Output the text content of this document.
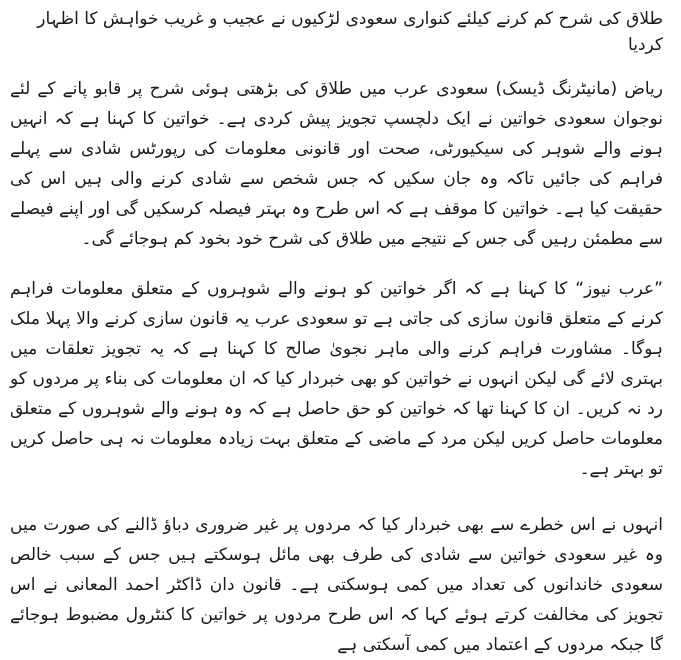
طلاق کی شرح کم کرنے کیلئے کنواری سعودی لڑکیوں نے عجیب و غریب خواہش کا اظہار کردیا

ریاض (مانیٹرنگ ڈیسک) سعودی عرب میں طلاق کی بڑھتی ہوئی شرح پر قابو پانے کے لئے نوجوان سعودی خواتین نے ایک دلچسپ تجویز پیش کردی ہے۔ خواتین کا کہنا ہے کہ انہیں ہونے والے شوہر کی سیکیورٹی، صحت اور قانونی معلومات کی رپورٹس شادی سے پہلے فراہم کی جائیں تاکہ وہ جان سکیں کہ جس شخص سے شادی کرنے والی ہیں اس کی حقیقت کیا ہے۔ خواتین کا موقف ہے کہ اس طرح وہ بہتر فیصلہ کرسکیں گی اور اپنے فیصلے سے مطمئن رہیں گی جس کے نتیجے میں طلاق کی شرح خود بخود کم ہوجائے گی۔

”عرب نیوز“ کا کہنا ہے کہ اگر خواتین کو ہونے والے شوہروں کے متعلق معلومات فراہم کرنے کے متعلق قانون سازی کی جاتی ہے تو سعودی عرب یہ قانون سازی کرنے والا پہلا ملک ہوگا۔ مشاورت فراہم کرنے والی ماہر نجویٰ صالح کا کہنا ہے کہ یہ تجویز تعلقات میں بہتری لائے گی لیکن انہوں نے خواتین کو بھی خبردار کیا کہ ان معلومات کی بناء پر مردوں کو رد نہ کریں۔ ان کا کہنا تھا کہ خواتین کو حق حاصل ہے کہ وہ ہونے والے شوہروں کے متعلق معلومات حاصل کریں لیکن مرد کے ماضی کے متعلق بہت زیادہ معلومات نہ ہی حاصل کریں تو بہتر ہے۔

انہوں نے اس خطرے سے بھی خبردار کیا کہ مردوں پر غیر ضروری دباؤ ڈالنے کی صورت میں وہ غیر سعودی خواتین سے شادی کی طرف بھی مائل ہوسکتے ہیں جس کے سبب خالص سعودی خاندانوں کی تعداد میں کمی ہوسکتی ہے۔ قانون دان ڈاکٹر احمد المعانی نے اس تجویز کی مخالفت کرتے ہوئے کہا کہ اس طرح مردوں پر خواتین کا کنٹرول مضبوط ہوجائے گا جبکہ مردوں کے اعتماد میں کمی آسکتی ہے
